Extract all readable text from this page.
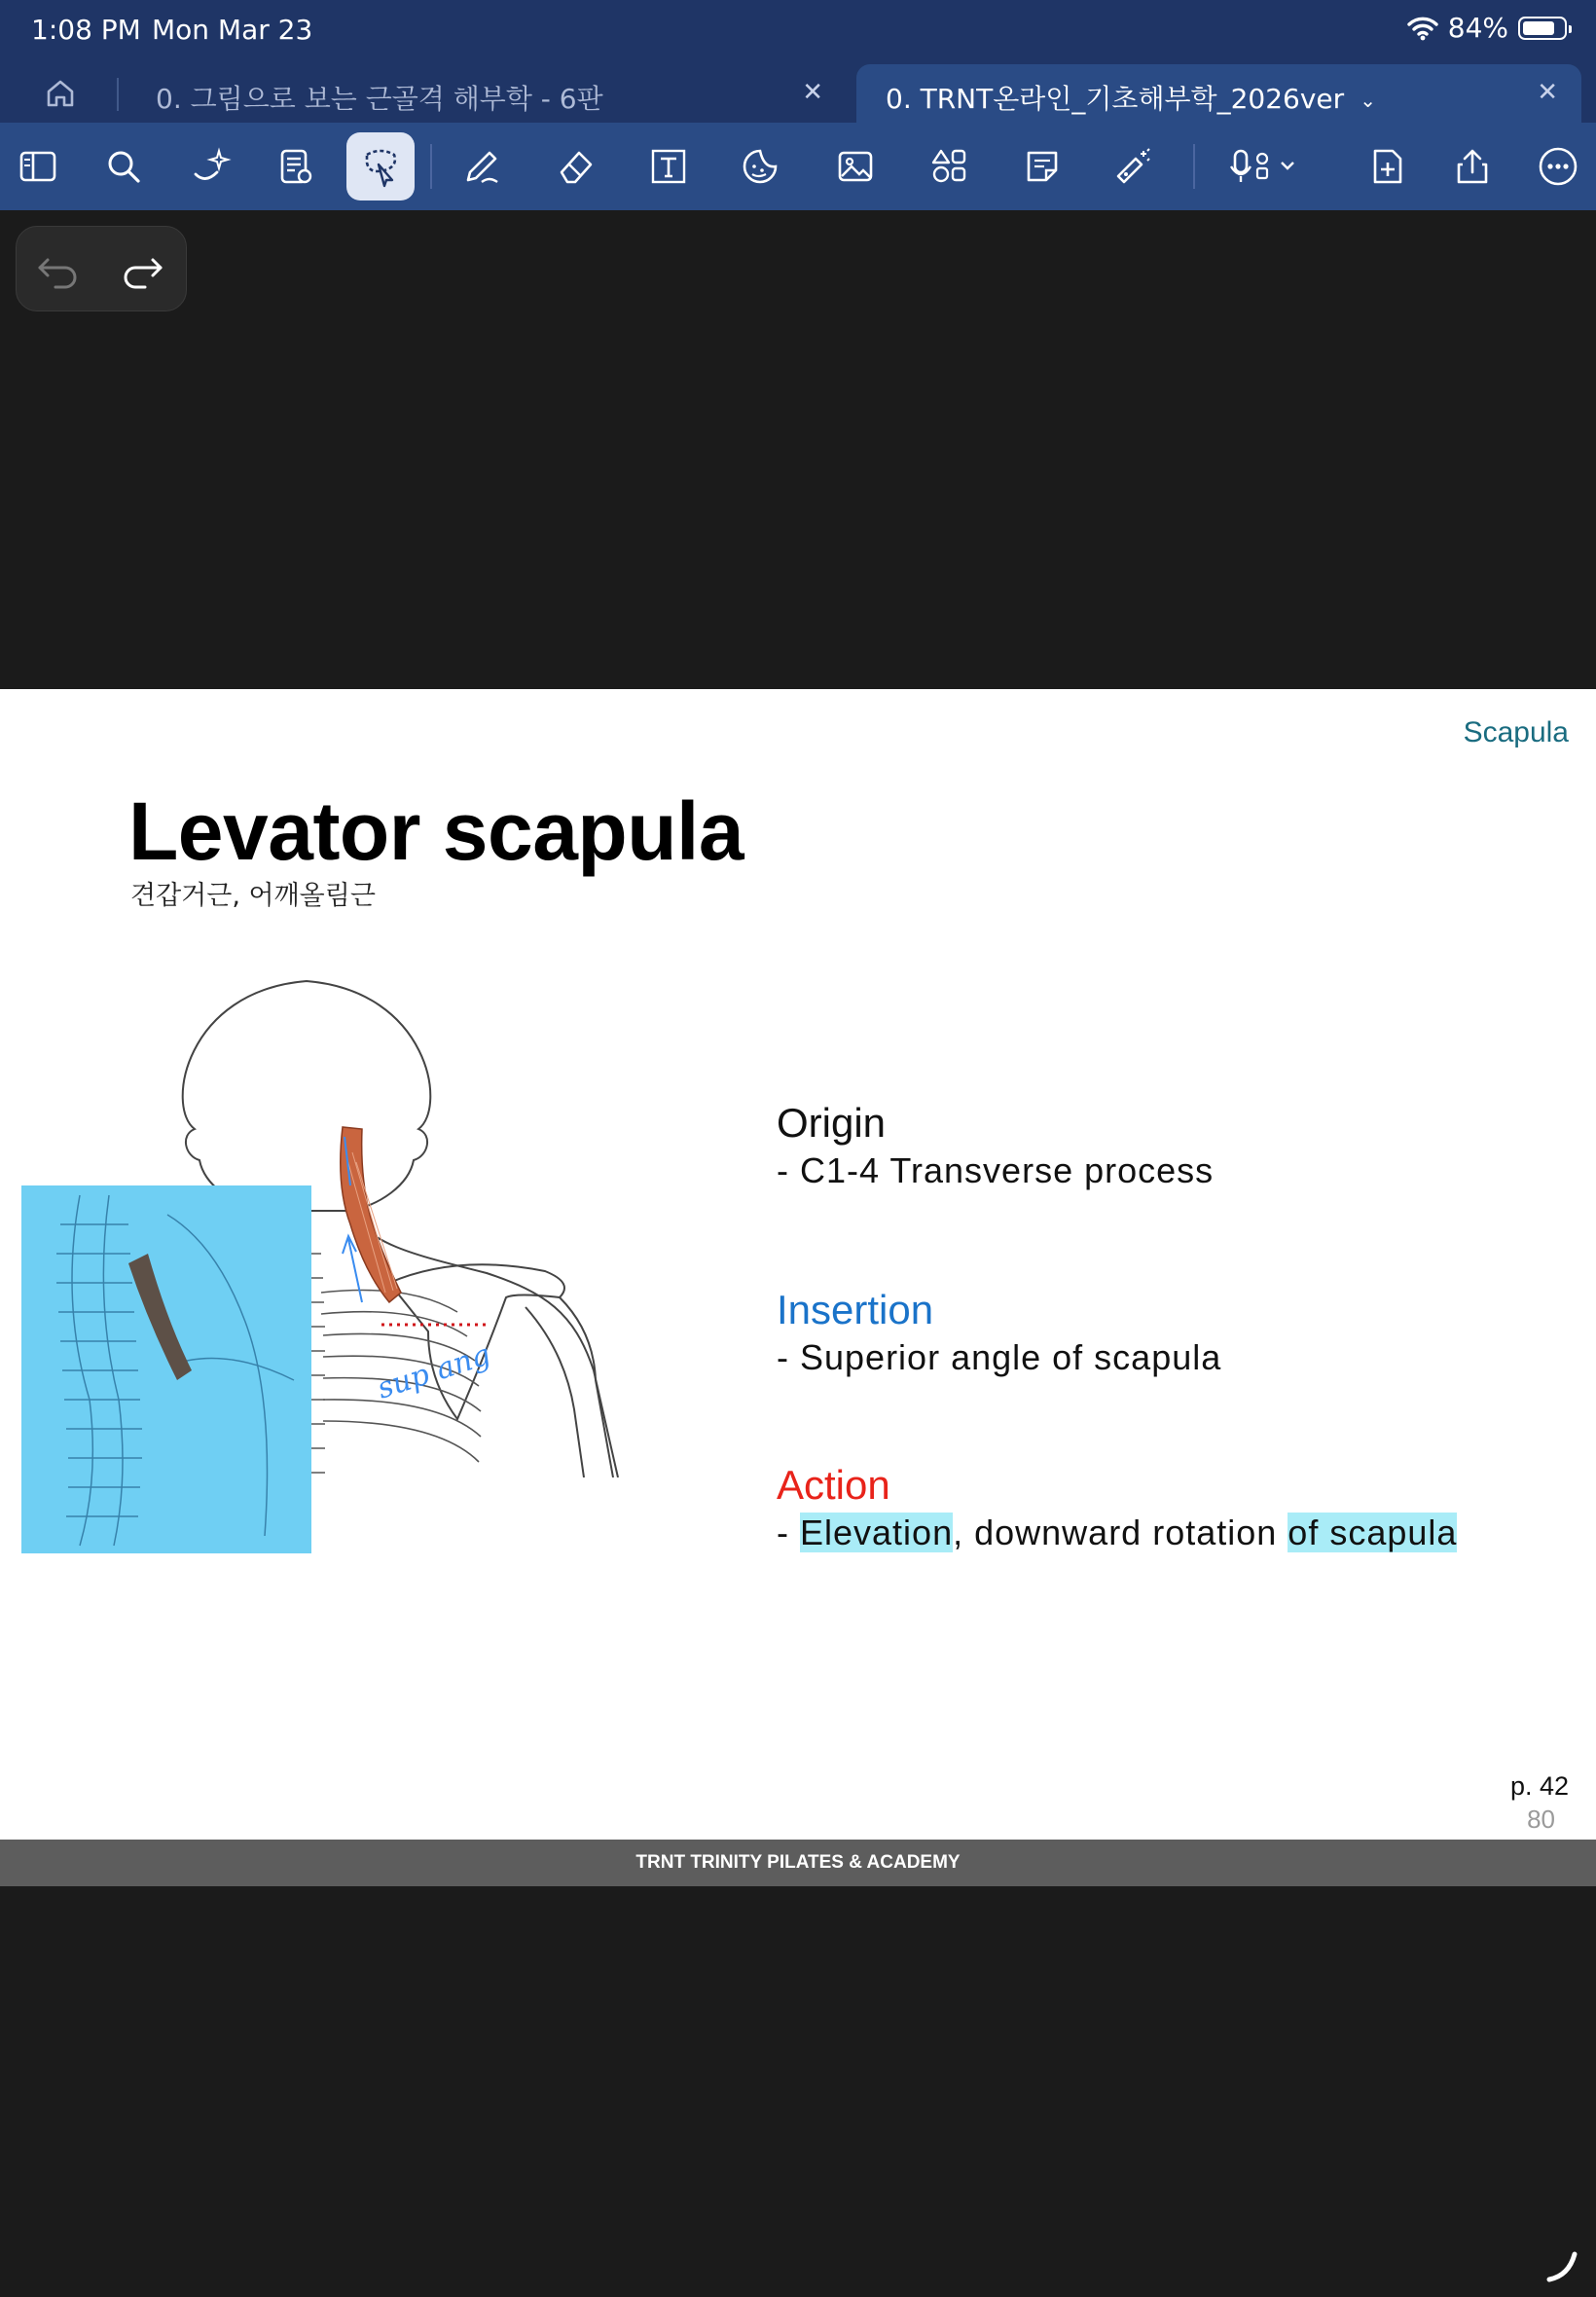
1:08 PM Mon Mar 23	84%
0. 그림으로 보는 근골격 해부학 - 6판	✕ 0. TRNT온라인_기초해부학_2026ver ⌄	✕
Scapula
Levator scapula
견갑거근, 어깨올림근
sup ang
Origin
- C1-4 Transverse process
Insertion
- Superior angle of scapula
Action
- Elevation, downward rotation of scapula
p. 42
80
TRNT TRINITY PILATES & ACADEMY
